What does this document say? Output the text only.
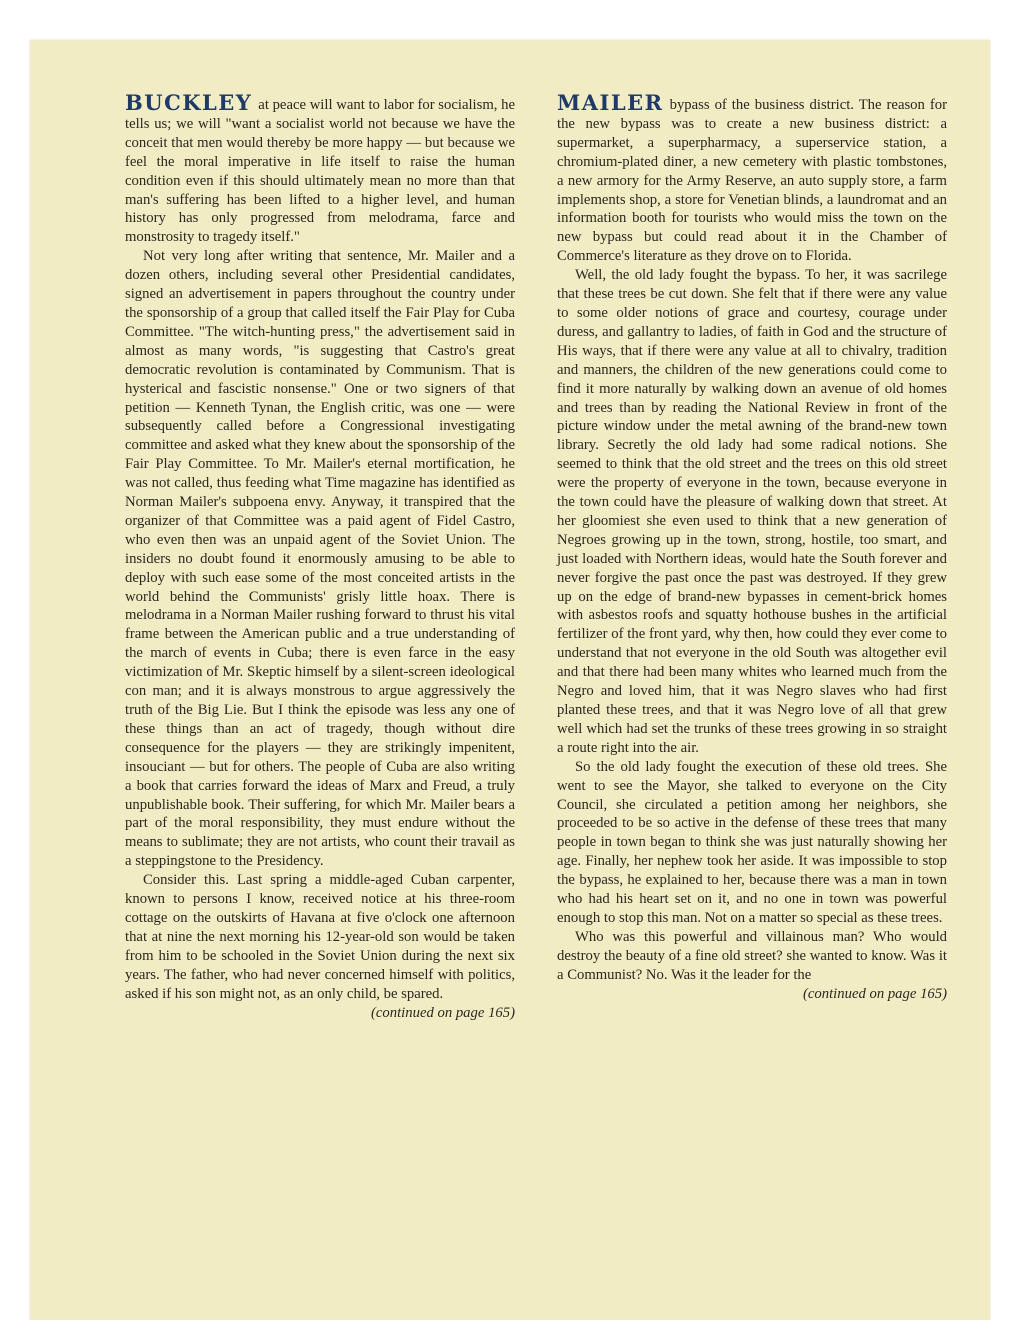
BUCKLEY at peace will want to labor for socialism, he tells us; we will "want a socialist world not because we have the conceit that men would thereby be more happy — but because we feel the moral imperative in life itself to raise the human condition even if this should ultimately mean no more than that man's suffering has been lifted to a higher level, and human history has only progressed from melodrama, farce and monstrosity to tragedy itself."

Not very long after writing that sentence, Mr. Mailer and a dozen others, including several other Presidential candidates, signed an advertisement in papers throughout the country under the sponsorship of a group that called itself the Fair Play for Cuba Committee. "The witch-hunting press," the advertisement said in almost as many words, "is suggesting that Castro's great democratic revolution is contaminated by Communism. That is hysterical and fascistic nonsense." One or two signers of that petition — Kenneth Tynan, the English critic, was one — were subsequently called before a Congressional investigating committee and asked what they knew about the sponsorship of the Fair Play Committee. To Mr. Mailer's eternal mortification, he was not called, thus feeding what Time magazine has identified as Norman Mailer's subpoena envy. Anyway, it transpired that the organizer of that Committee was a paid agent of Fidel Castro, who even then was an unpaid agent of the Soviet Union. The insiders no doubt found it enormously amusing to be able to deploy with such ease some of the most conceited artists in the world behind the Communists' grisly little hoax. There is melodrama in a Norman Mailer rushing forward to thrust his vital frame between the American public and a true understanding of the march of events in Cuba; there is even farce in the easy victimization of Mr. Skeptic himself by a silent-screen ideological con man; and it is always monstrous to argue aggressively the truth of the Big Lie. But I think the episode was less any one of these things than an act of tragedy, though without dire consequence for the players — they are strikingly impenitent, insouciant — but for others. The people of Cuba are also writing a book that carries forward the ideas of Marx and Freud, a truly unpublishable book. Their suffering, for which Mr. Mailer bears a part of the moral responsibility, they must endure without the means to sublimate; they are not artists, who count their travail as a steppingstone to the Presidency.

Consider this. Last spring a middle-aged Cuban carpenter, known to persons I know, received notice at his three-room cottage on the outskirts of Havana at five o'clock one afternoon that at nine the next morning his 12-year-old son would be taken from him to be schooled in the Soviet Union during the next six years. The father, who had never concerned himself with politics, asked if his son might not, as an only child, be spared.
(continued on page 165)

MAILER bypass of the business district. The reason for the new bypass was to create a new business district: a supermarket, a superpharmacy, a superservice station, a chromium-plated diner, a new cemetery with plastic tombstones, a new armory for the Army Reserve, an auto supply store, a farm implements shop, a store for Venetian blinds, a laundromat and an information booth for tourists who would miss the town on the new bypass but could read about it in the Chamber of Commerce's literature as they drove on to Florida.

Well, the old lady fought the bypass. To her, it was sacrilege that these trees be cut down. She felt that if there were any value to some older notions of grace and courtesy, courage under duress, and gallantry to ladies, of faith in God and the structure of His ways, that if there were any value at all to chivalry, tradition and manners, the children of the new generations could come to find it more naturally by walking down an avenue of old homes and trees than by reading the National Review in front of the picture window under the metal awning of the brand-new town library. Secretly the old lady had some radical notions. She seemed to think that the old street and the trees on this old street were the property of everyone in the town, because everyone in the town could have the pleasure of walking down that street. At her gloomiest she even used to think that a new generation of Negroes growing up in the town, strong, hostile, too smart, and just loaded with Northern ideas, would hate the South forever and never forgive the past once the past was destroyed. If they grew up on the edge of brand-new bypasses in cement-brick homes with asbestos roofs and squatty hothouse bushes in the artificial fertilizer of the front yard, why then, how could they ever come to understand that not everyone in the old South was altogether evil and that there had been many whites who learned much from the Negro and loved him, that it was Negro slaves who had first planted these trees, and that it was Negro love of all that grew well which had set the trunks of these trees growing in so straight a route right into the air.

So the old lady fought the execution of these old trees. She went to see the Mayor, she talked to everyone on the City Council, she circulated a petition among her neighbors, she proceeded to be so active in the defense of these trees that many people in town began to think she was just naturally showing her age. Finally, her nephew took her aside. It was impossible to stop the bypass, he explained to her, because there was a man in town who had his heart set on it, and no one in town was powerful enough to stop this man. Not on a matter so special as these trees.

Who was this powerful and villainous man? Who would destroy the beauty of a fine old street? she wanted to know. Was it a Communist? No. Was it the leader for the
(continued on page 165)
